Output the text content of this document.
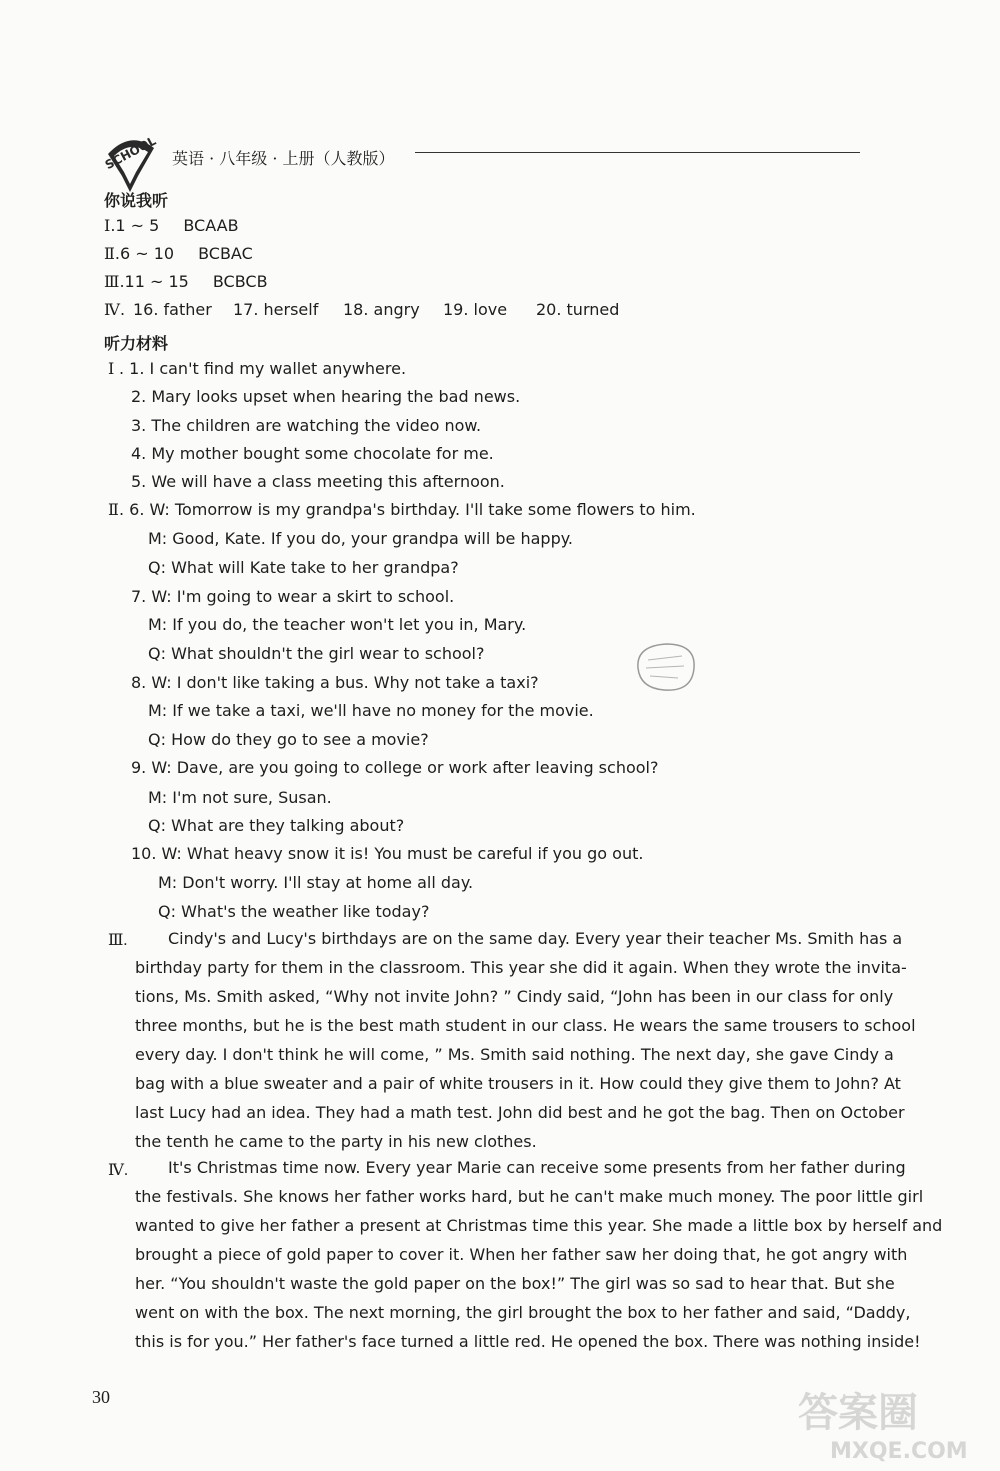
SCHOOL 英语 · 八年级 · 上册（人教版）
你说我听
Ⅰ.1 ~ 5 BCAAB
Ⅱ.6 ~ 10 BCBAC
Ⅲ.11 ~ 15 BCBCB
Ⅳ. 16. father 17. herself 18. angry 19. love 20. turned
听力材料
Ⅰ . 1. I can't find my wallet anywhere.
2. Mary looks upset when hearing the bad news.
3. The children are watching the video now.
4. My mother bought some chocolate for me.
5. We will have a class meeting this afternoon.
Ⅱ . 6. W: Tomorrow is my grandpa's birthday. I'll take some flowers to him.
M: Good, Kate. If you do, your grandpa will be happy.
Q: What will Kate take to her grandpa?
7. W: I'm going to wear a skirt to school.
M: If you do, the teacher won't let you in, Mary.
Q: What shouldn't the girl wear to school?
8. W: I don't like taking a bus. Why not take a taxi?
M: If we take a taxi, we'll have no money for the movie.
Q: How do they go to see a movie?
9. W: Dave, are you going to college or work after leaving school?
M: I'm not sure, Susan.
Q: What are they talking about?
10. W: What heavy snow it is! You must be careful if you go out.
M: Don't worry. I'll stay at home all day.
Q: What's the weather like today?
Ⅲ.	Cindy's and Lucy's birthdays are on the same day. Every year their teacher Ms. Smith has a
birthday party for them in the classroom. This year she did it again. When they wrote the invita-
tions, Ms. Smith asked, “Why not invite John? ” Cindy said, “John has been in our class for only
three months, but he is the best math student in our class. He wears the same trousers to school
every day. I don't think he will come, ” Ms. Smith said nothing. The next day, she gave Cindy a
bag with a blue sweater and a pair of white trousers in it. How could they give them to John? At
last Lucy had an idea. They had a math test. John did best and he got the bag. Then on October
the tenth he came to the party in his new clothes.
Ⅳ.	It's Christmas time now. Every year Marie can receive some presents from her father during
the festivals. She knows her father works hard, but he can't make much money. The poor little girl
wanted to give her father a present at Christmas time this year. She made a little box by herself and
brought a piece of gold paper to cover it. When her father saw her doing that, he got angry with
her. “You shouldn't waste the gold paper on the box!” The girl was so sad to hear that. But she
went on with the box. The next morning, the girl brought the box to her father and said, “Daddy,
this is for you.” Her father's face turned a little red. He opened the box. There was nothing inside!
30	答案圈
MXQE.COM
